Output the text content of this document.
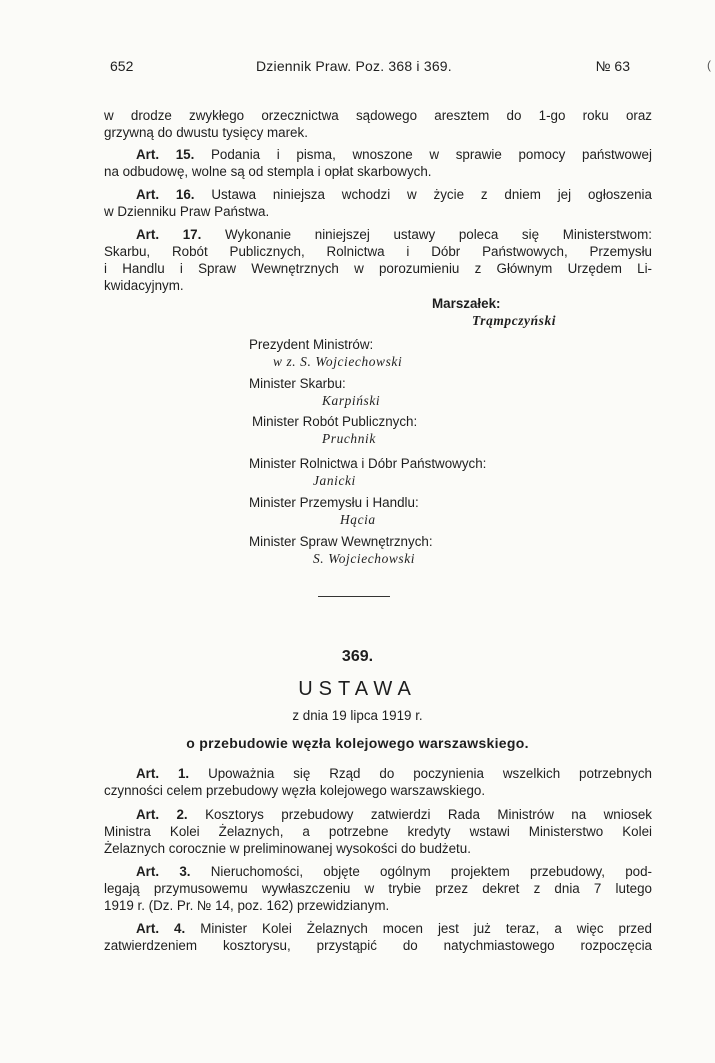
652	Dziennik Praw. Poz. 368 i 369.	№ 63	(
w drodze zwykłego orzecznictwa sądowego aresztem do 1-go roku oraz
grzywną do dwustu tysięcy marek.
Art. 15. Podania i pisma, wnoszone w sprawie pomocy państwowej
na odbudowę, wolne są od stempla i opłat skarbowych.
Art. 16. Ustawa niniejsza wchodzi w życie z dniem jej ogłoszenia
w Dzienniku Praw Państwa.
Art. 17. Wykonanie niniejszej ustawy poleca się Ministerstwom:
Skarbu, Robót Publicznych, Rolnictwa i Dóbr Państwowych, Przemysłu
i Handlu i Spraw Wewnętrznych w porozumieniu z Głównym Urzędem Li-
kwidacyjnym.
Marszałek:
Trąmpczyński
Prezydent Ministrów:
w z. S. Wojciechowski
Minister Skarbu:
Karpiński
Minister Robót Publicznych:
Pruchnik
Minister Rolnictwa i Dóbr Państwowych:
Janicki
Minister Przemysłu i Handlu:
Hącia
Minister Spraw Wewnętrznych:
S. Wojciechowski
369.
USTAWA
z dnia 19 lipca 1919 r.
o przebudowie węzła kolejowego warszawskiego.
Art. 1. Upoważnia się Rząd do poczynienia wszelkich potrzebnych
czynności celem przebudowy węzła kolejowego warszawskiego.
Art. 2. Kosztorys przebudowy zatwierdzi Rada Ministrów na wniosek
Ministra Kolei Żelaznych, a potrzebne kredyty wstawi Ministerstwo Kolei
Żelaznych corocznie w preliminowanej wysokości do budżetu.
Art. 3. Nieruchomości, objęte ogólnym projektem przebudowy, pod-
legają przymusowemu wywłaszczeniu w trybie przez dekret z dnia 7 lutego
1919 r. (Dz. Pr. № 14, poz. 162) przewidzianym.
Art. 4. Minister Kolei Żelaznych mocen jest już teraz, a więc przed
zatwierdzeniem kosztorysu, przystąpić do natychmiastowego rozpoczęcia
